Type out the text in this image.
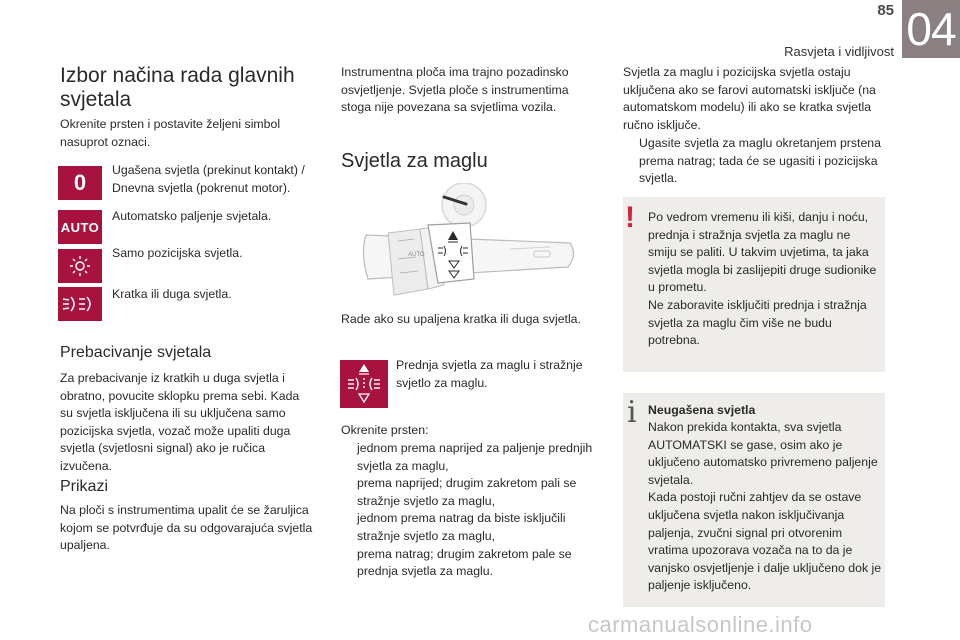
85
Rasvjeta i vidljivost 04
Izbor načina rada glavnih svjetala

Okrenite prsten i postavite željeni simbol nasuprot oznaci.

0 Ugašena svjetla (prekinut kontakt) / Dnevna svjetla (pokrenut motor).
AUTO
Automatsko paljenje svjetala.
Samo pozicijska svjetla.
Kratka ili duga svjetla.
Prebacivanje svjetala

Za prebacivanje iz kratkih u duga svjetla i obratno, povucite sklopku prema sebi. Kada su svjetla isključena ili su uključena samo pozicijska svjetla, vozač može upaliti duga svjetla (svjetlosni signal) ako je ručica izvučena.

Prikazi

Na ploči s instrumentima upalit će se žaruljica kojom se potvrđuje da su odgovarajuća svjetla upaljena.

Instrumentna ploča ima trajno pozadinsko osvjetljenje. Svjetla ploče s instrumentima stoga nije povezana sa svjetlima vozila.

Svjetla za maglu
AUTO

Rade ako su upaljena kratka ili duga svjetla.

Prednja svjetla za maglu i stražnje svjetlo za maglu.

Okrenite prsten:

jednom prema naprijed za paljenje prednjih svjetla za maglu,
prema naprijed; drugim zakretom pali se stražnje svjetlo za maglu,
jednom prema natrag da biste isključili stražnje svjetlo za maglu,
prema natrag; drugim zakretom pale se prednja svjetla za maglu.

Svjetla za maglu i pozicijska svjetla ostaju uključena ako se farovi automatski isključe (na automatskom modelu) ili ako se kratka svjetla ručno isključe.

Ugasite svjetla za maglu okretanjem prstena prema natrag; tada će se ugasiti i pozicijska svjetla.
! Po vedrom vremenu ili kiši, danju i noću, prednja i stražnja svjetla za maglu ne smiju se paliti. U takvim uvjetima, ta jaka svjetla mogla bi zaslijepiti druge sudionike u prometu.
Ne zaboravite isključiti prednja i stražnja svjetla za maglu čim više ne budu potrebna.

i Neugašena svjetla

Nakon prekida kontakta, sva svjetla AUTOMATSKI se gase, osim ako je uključeno automatsko privremeno paljenje svjetala.
Kada postoji ručni zahtjev da se ostave uključena svjetla nakon isključivanja paljenja, zvučni signal pri otvorenim vratima upozorava vozača na to da je vanjsko osvjetljenje i dalje uključeno dok je paljenje isključeno.

carmanualsonline.info
